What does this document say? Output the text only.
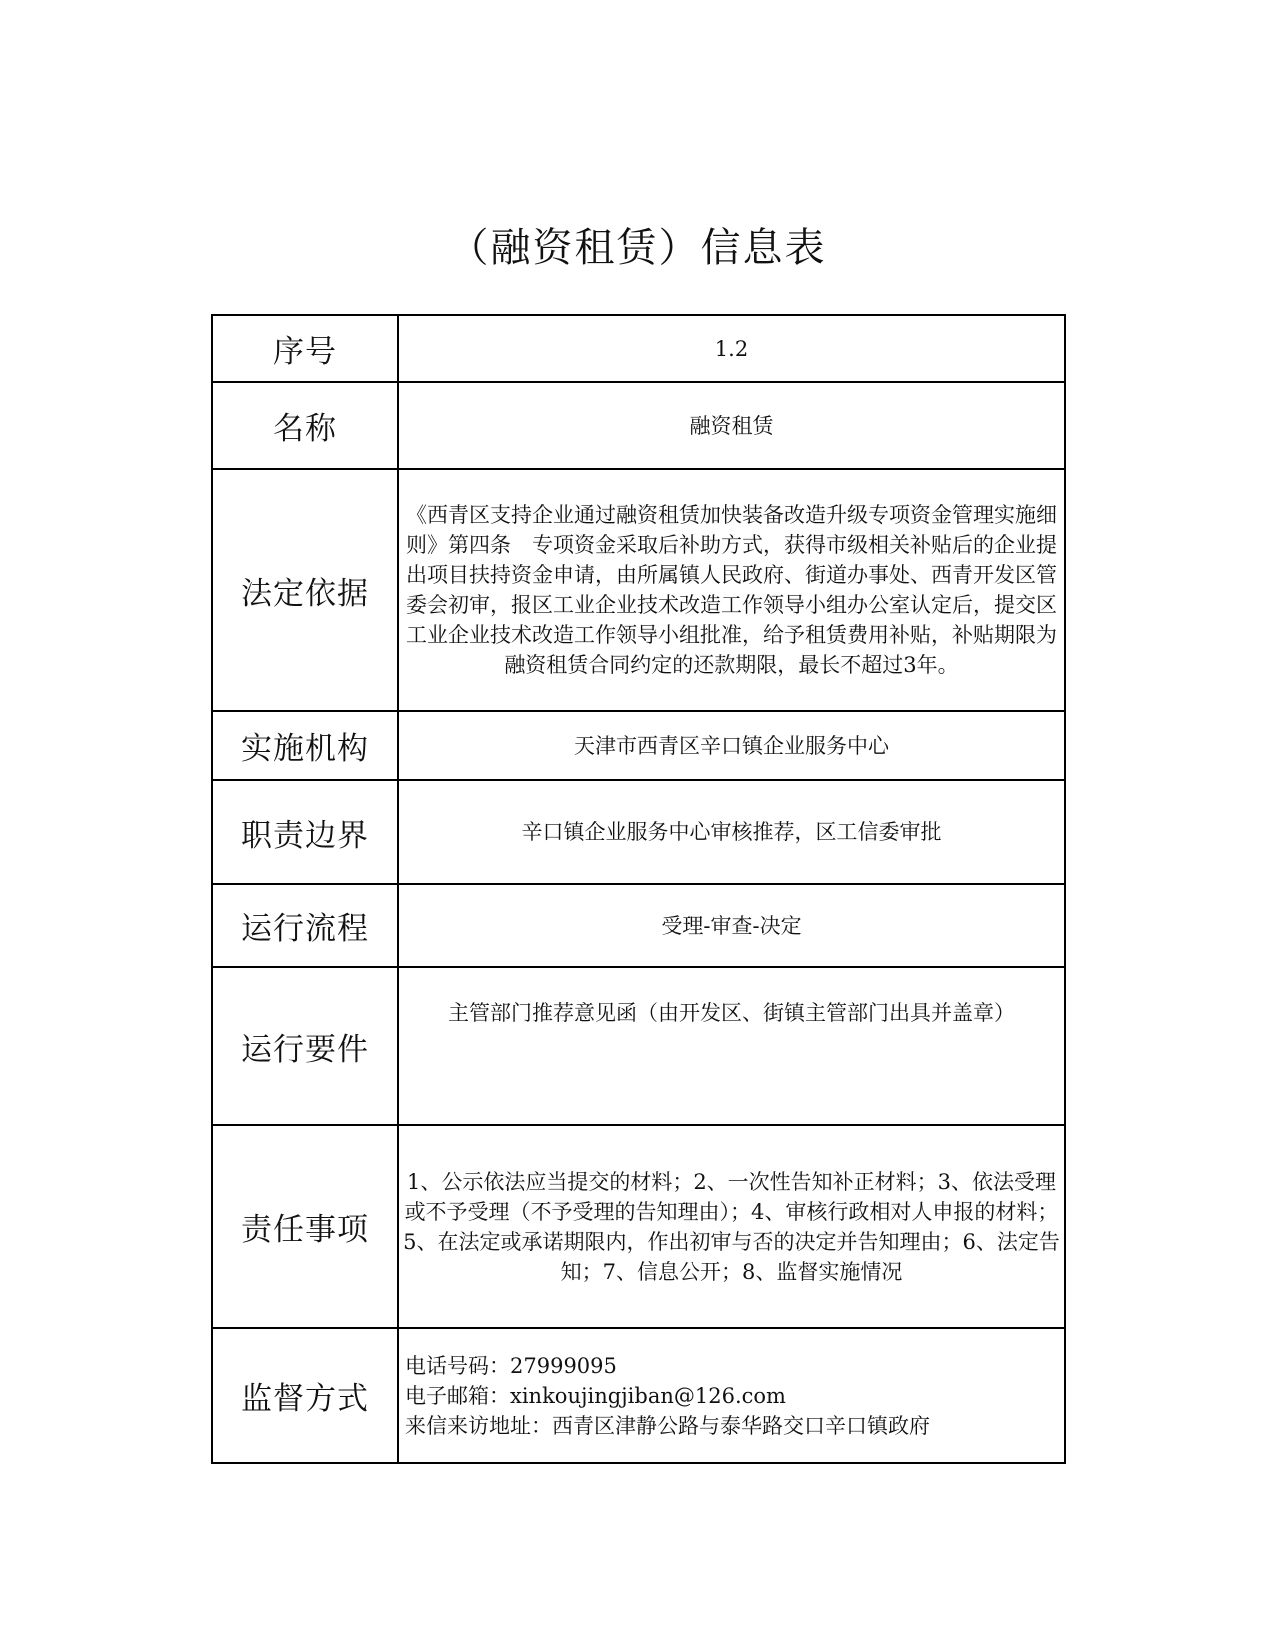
（融资租赁）信息表
序号	1.2
名称	融资租赁
法定依据	《西青区支持企业通过融资租赁加快装备改造升级专项资金管理实施细则》第四条　专项资金采取后补助方式，获得市级相关补贴后的企业提出项目扶持资金申请，由所属镇人民政府、街道办事处、西青开发区管委会初审，报区工业企业技术改造工作领导小组办公室认定后，提交区工业企业技术改造工作领导小组批准，给予租赁费用补贴，补贴期限为融资租赁合同约定的还款期限，最长不超过3年。
实施机构	天津市西青区辛口镇企业服务中心
职责边界	辛口镇企业服务中心审核推荐，区工信委审批
运行流程	受理-审查-决定
运行要件	主管部门推荐意见函（由开发区、街镇主管部门出具并盖章）
责任事项	1、公示依法应当提交的材料；2、一次性告知补正材料；3、依法受理或不予受理（不予受理的告知理由）；4、审核行政相对人申报的材料；5、在法定或承诺期限内，作出初审与否的决定并告知理由；6、法定告知；7、信息公开；8、监督实施情况
监督方式	电话号码：27999095
电子邮箱：xinkoujingjiban@126.com
来信来访地址：西青区津静公路与泰华路交口辛口镇政府
